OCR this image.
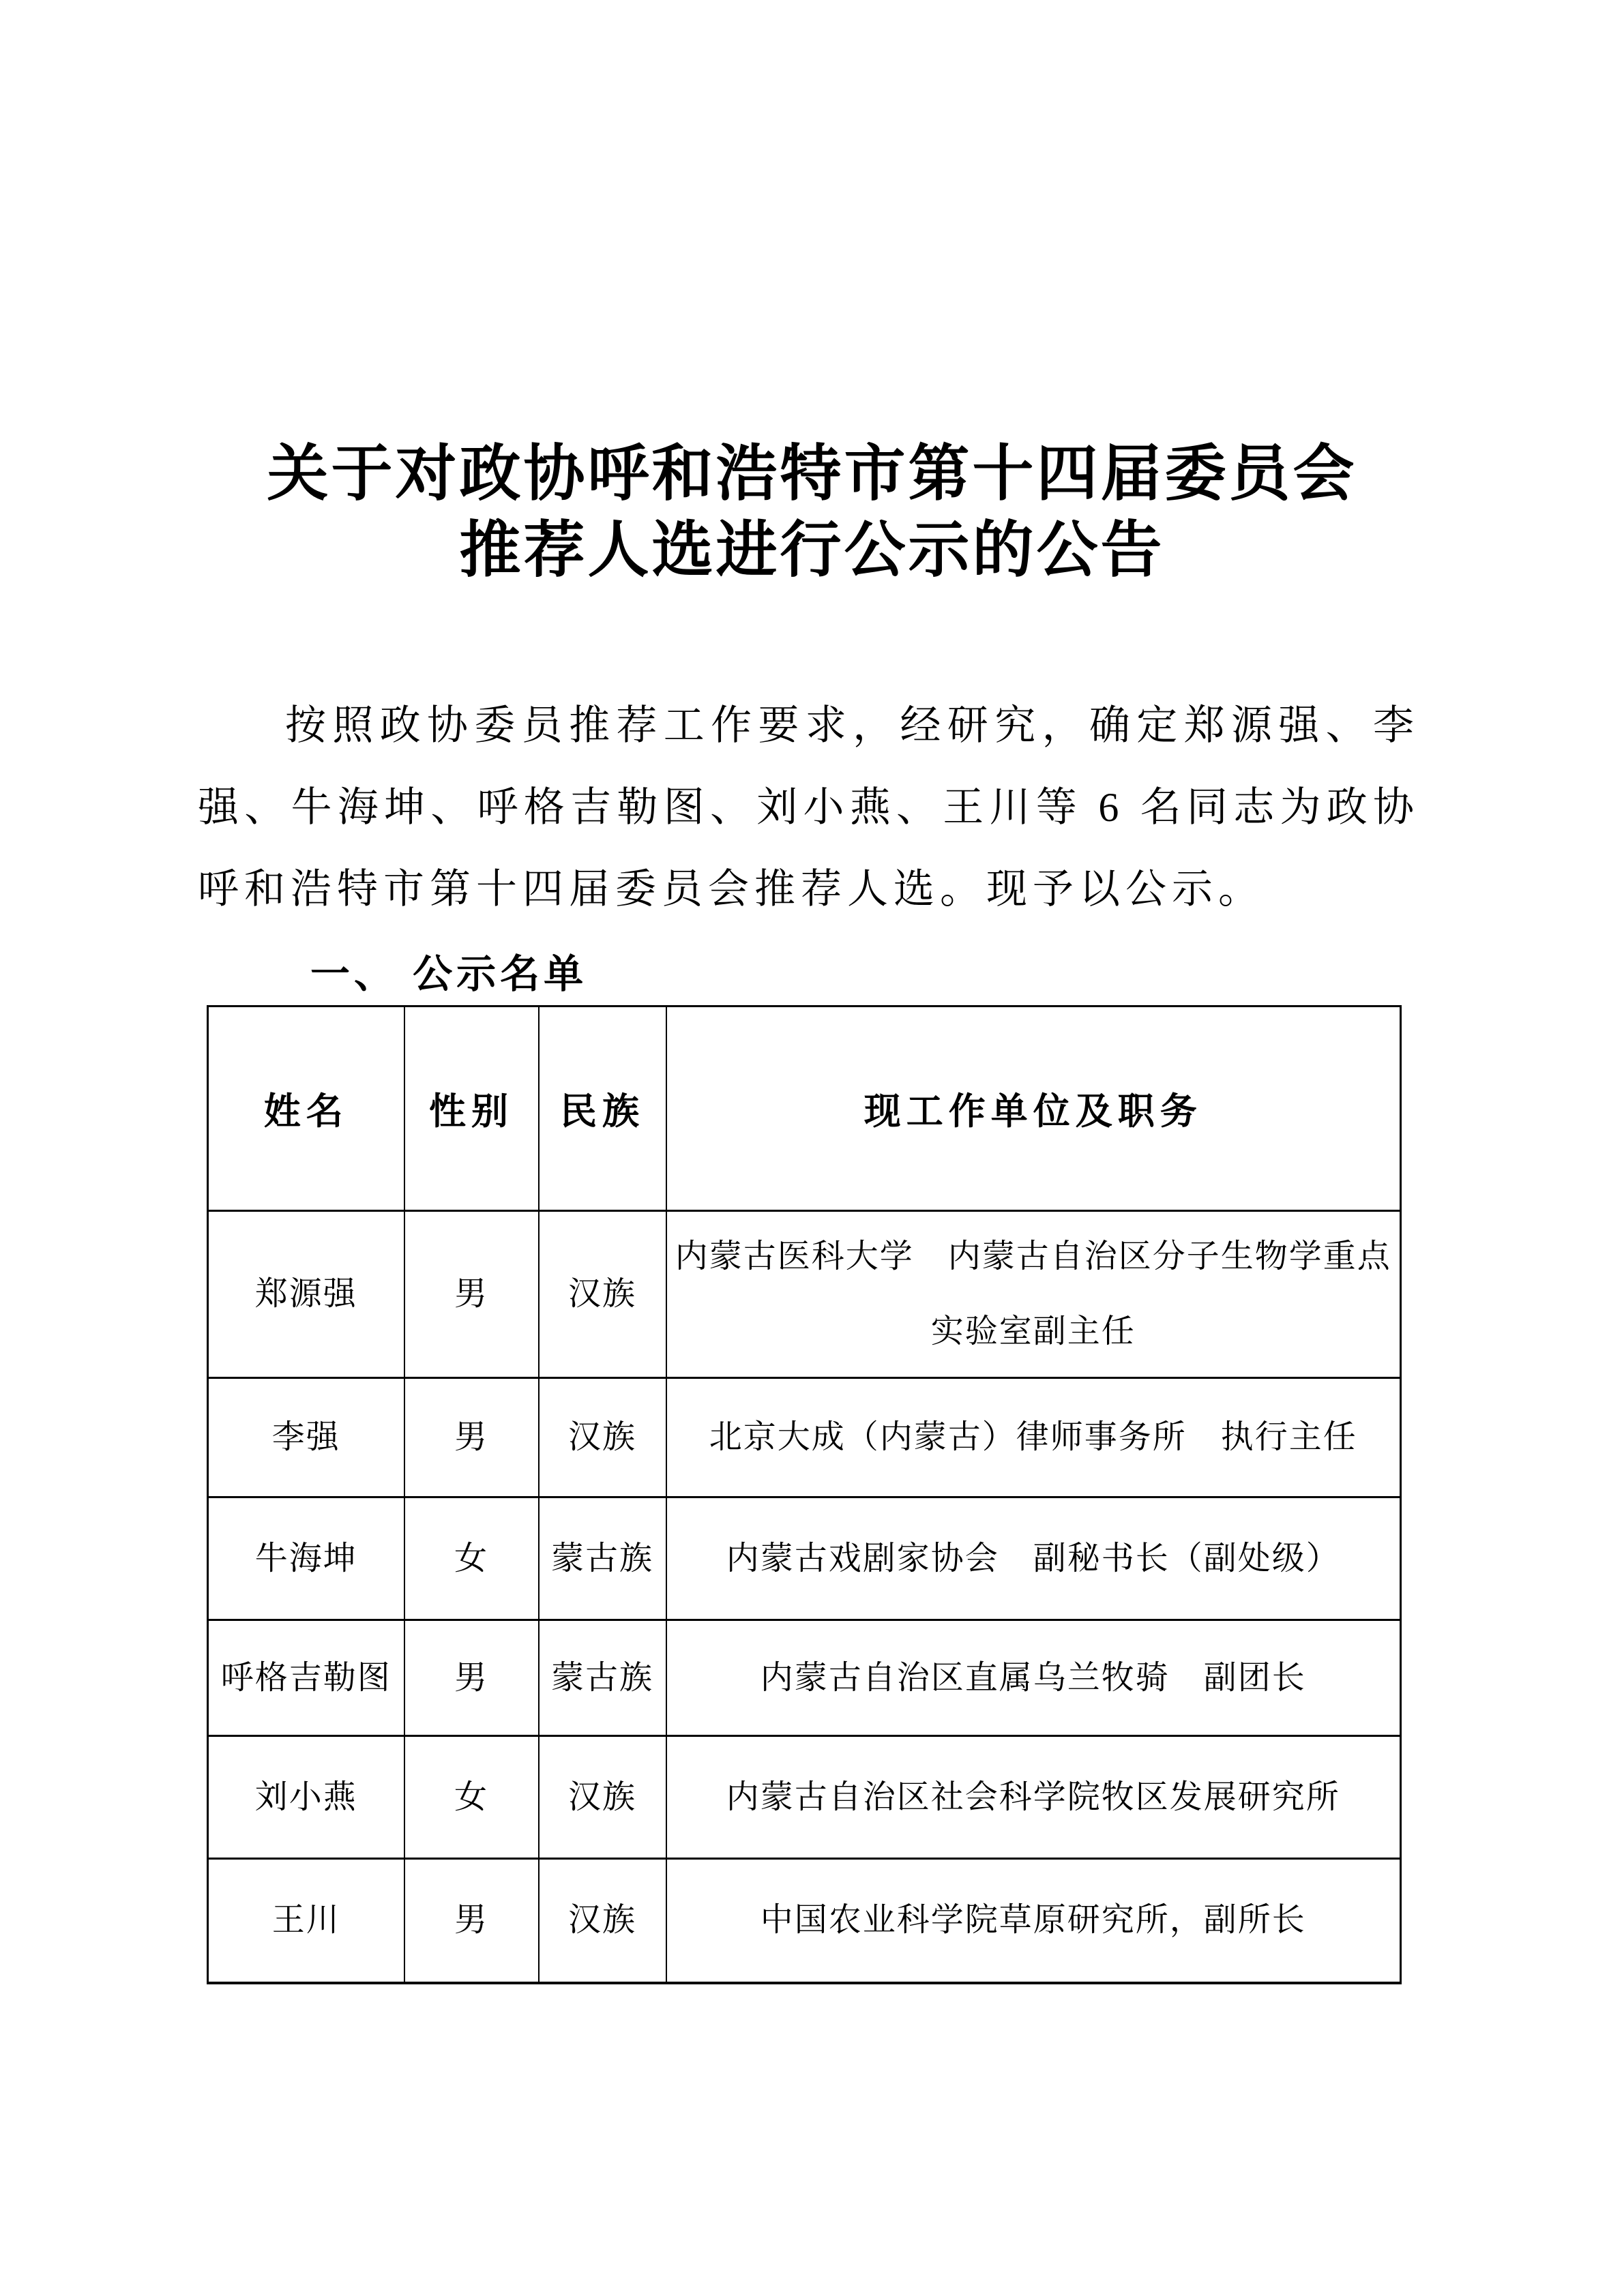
关于对政协呼和浩特市第十四届委员会
推荐人选进行公示的公告

按照政协委员推荐工作要求，经研究，确定郑源强、李强、牛海坤、呼格吉勒图、刘小燕、王川等 6 名同志为政协呼和浩特市第十四届委员会推荐人选。现予以公示。

一、 公示名单
姓名	性别	民族	现工作单位及职务
郑源强	男	汉族	内蒙古医科大学　内蒙古自治区分子生物学重点实验室副主任
李强	男	汉族	北京大成（内蒙古）律师事务所　执行主任
牛海坤	女	蒙古族	内蒙古戏剧家协会　副秘书长（副处级）
呼格吉勒图	男	蒙古族	内蒙古自治区直属乌兰牧骑　副团长
刘小燕	女	汉族	内蒙古自治区社会科学院牧区发展研究所
王川	男	汉族	中国农业科学院草原研究所，副所长
